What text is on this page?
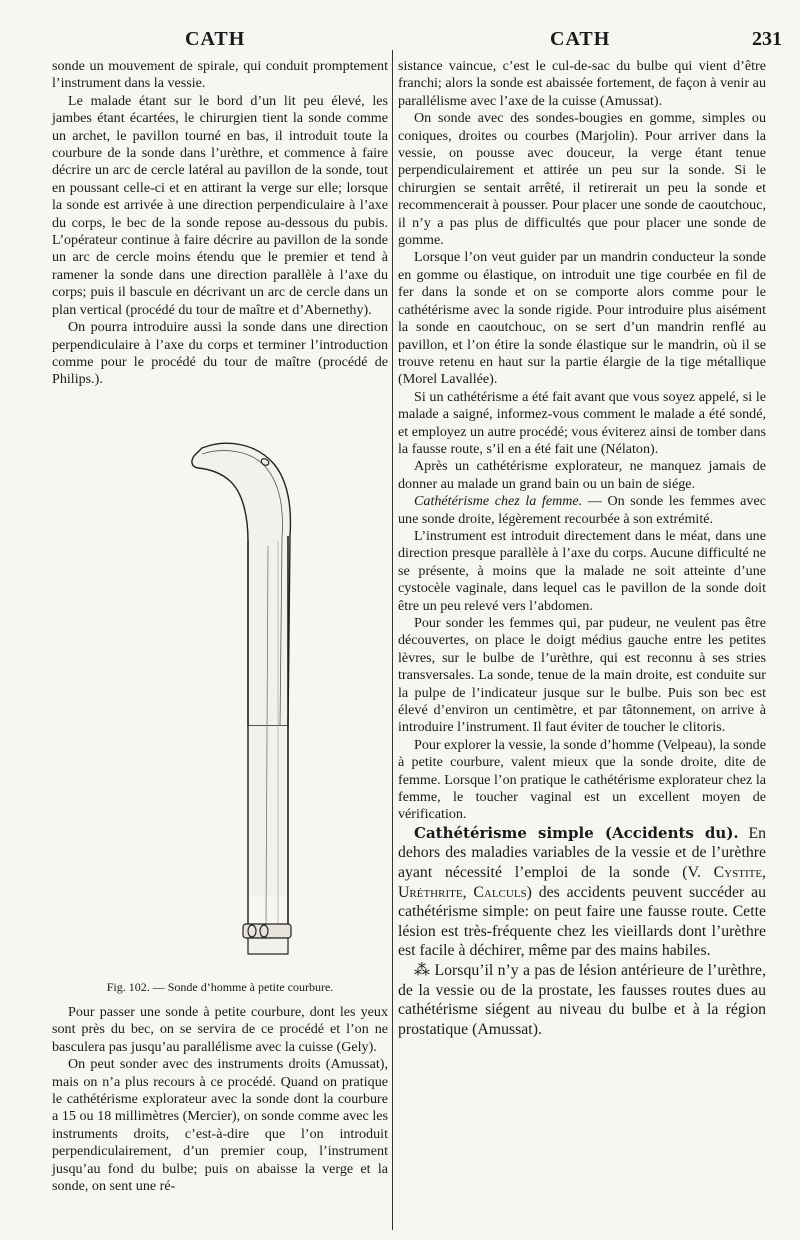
CATH	CATH	231

sonde un mouvement de spirale, qui conduit promptement l’instrument dans la vessie.

Le malade étant sur le bord d’un lit peu élevé, les jambes étant écartées, le chirurgien tient la sonde comme un archet, le pavillon tourné en bas, il introduit toute la courbure de la sonde dans l’urèthre, et commence à faire décrire un arc de cercle latéral au pavillon de la sonde, tout en poussant celle-ci et en attirant la verge sur elle; lorsque la sonde est arrivée à une direction perpendiculaire à l’axe du corps, le bec de la sonde repose au-dessous du pubis. L’opérateur continue à faire décrire au pavillon de la sonde un arc de cercle moins étendu que le premier et tend à ramener la sonde dans une direction parallèle à l’axe du corps; puis il bascule en décrivant un arc de cercle dans un plan vertical (procédé du tour de maître et d’Abernethy).

On pourra introduire aussi la sonde dans une direction perpendiculaire à l’axe du corps et terminer l’introduction comme pour le procédé du tour de maître (procédé de Philips.).

Fig. 102. — Sonde d’homme à petite courbure.

Pour passer une sonde à petite courbure, dont les yeux sont près du bec, on se servira de ce procédé et l’on ne basculera pas jusqu’au parallélisme avec la cuisse (Gely).

On peut sonder avec des instruments droits (Amussat), mais on n’a plus recours à ce procédé. Quand on pratique le cathétérisme explorateur avec la sonde dont la courbure a 15 ou 18 millimètres (Mercier), on sonde comme avec les instruments droits, c’est-à-dire que l’on introduit perpendiculairement, d’un premier coup, l’instrument jusqu’au fond du bulbe; puis on abaisse la verge et la sonde, on sent une ré-

sistance vaincue, c’est le cul-de-sac du bulbe qui vient d’être franchi; alors la sonde est abaissée fortement, de façon à venir au parallélisme avec l’axe de la cuisse (Amussat).

On sonde avec des sondes-bougies en gomme, simples ou coniques, droites ou courbes (Marjolin). Pour arriver dans la vessie, on pousse avec douceur, la verge étant tenue perpendiculairement et attirée un peu sur la sonde. Si le chirurgien se sentait arrêté, il retirerait un peu la sonde et recommencerait à pousser. Pour placer une sonde de caoutchouc, il n’y a pas plus de difficultés que pour placer une sonde de gomme.

Lorsque l’on veut guider par un mandrin conducteur la sonde en gomme ou élastique, on introduit une tige courbée en fil de fer dans la sonde et on se comporte alors comme pour le cathétérisme avec la sonde rigide. Pour introduire plus aisément la sonde en caoutchouc, on se sert d’un mandrin renflé au pavillon, et l’on étire la sonde élastique sur le mandrin, où il se trouve retenu en haut sur la partie élargie de la tige métallique (Morel Lavallée).

Si un cathétérisme a été fait avant que vous soyez appelé, si le malade a saigné, informez-vous comment le malade a été sondé, et employez un autre procédé; vous éviterez ainsi de tomber dans la fausse route, s’il en a été fait une (Nélaton).

Après un cathétérisme explorateur, ne manquez jamais de donner au malade un grand bain ou un bain de siége.

Cathétérisme chez la femme. — On sonde les femmes avec une sonde droite, légèrement recourbée à son extrémité.

L’instrument est introduit directement dans le méat, dans une direction presque parallèle à l’axe du corps. Aucune difficulté ne se présente, à moins que la malade ne soit atteinte d’une cystocèle vaginale, dans lequel cas le pavillon de la sonde doit être un peu relevé vers l’abdomen.

Pour sonder les femmes qui, par pudeur, ne veulent pas être découvertes, on place le doigt médius gauche entre les petites lèvres, sur le bulbe de l’urèthre, qui est reconnu à ses stries transversales. La sonde, tenue de la main droite, est conduite sur la pulpe de l’indicateur jusque sur le bulbe. Puis son bec est élevé d’environ un centimètre, et par tâtonnement, on arrive à introduire l’instrument. Il faut éviter de toucher le clitoris.

Pour explorer la vessie, la sonde d’homme (Velpeau), la sonde à petite courbure, valent mieux que la sonde droite, dite de femme. Lorsque l’on pratique le cathétérisme explorateur chez la femme, le toucher vaginal est un excellent moyen de vérification.

Cathétérisme simple (Accidents du). En dehors des maladies variables de la vessie et de l’urèthre ayant nécessité l’emploi de la sonde (V. Cystite, Uréthrite, Calculs) des accidents peuvent succéder au cathétérisme simple: on peut faire une fausse route. Cette lésion est très-fréquente chez les vieillards dont l’urèthre est facile à déchirer, même par des mains habiles.

⁂ Lorsqu’il n’y a pas de lésion antérieure de l’urèthre, de la vessie ou de la prostate, les fausses routes dues au cathétérisme siégent au niveau du bulbe et à la région prostatique (Amussat).
